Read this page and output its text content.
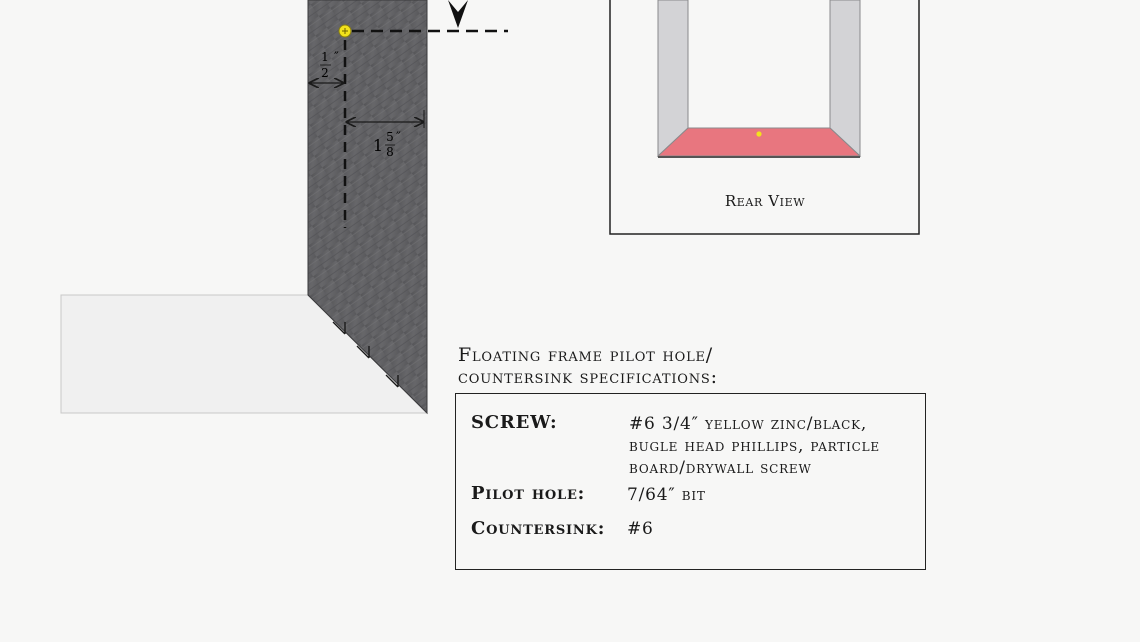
1
2
″
1 5
8
″
Rear View
Floating frame pilot hole/
countersink specifications:
SCREW:	#6 3/4″ yellow zinc/black,
bugle head phillips, particle
board/drywall screw
Pilot hole: 7/64″ bit
Countersink: #6
